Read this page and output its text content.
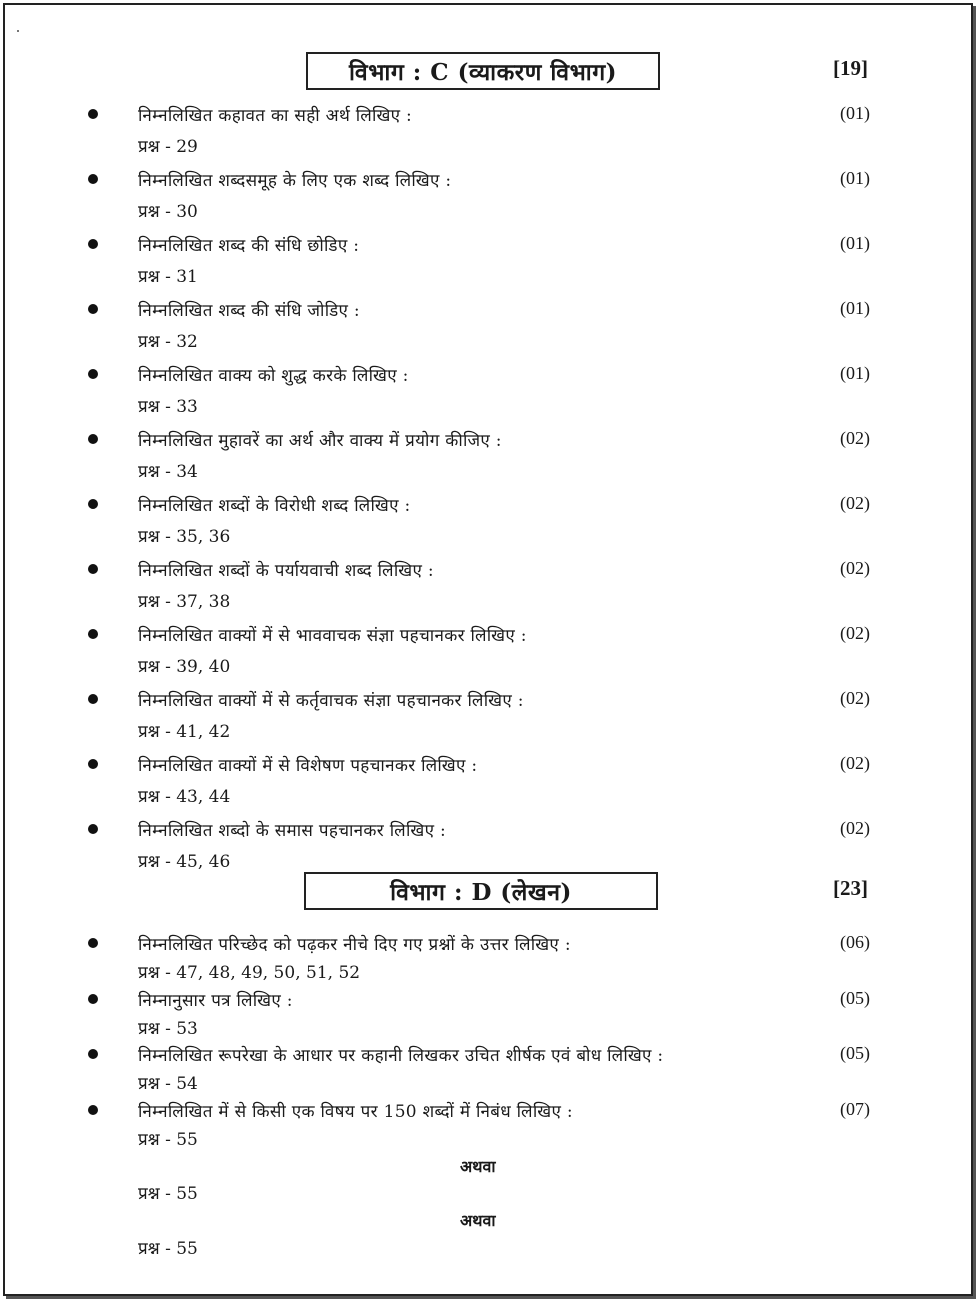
विभाग : C (व्याकरण विभाग)	[19]
निम्नलिखित कहावत का सही अर्थ लिखिए :	(01)
प्रश्न - 29
निम्नलिखित शब्दसमूह के लिए एक शब्द लिखिए :	(01)
प्रश्न - 30
निम्नलिखित शब्द की संधि छोडिए :	(01)
प्रश्न - 31
निम्नलिखित शब्द की संधि जोडिए :	(01)
प्रश्न - 32
निम्नलिखित वाक्य को शुद्ध करके लिखिए :	(01)
प्रश्न - 33
निम्नलिखित मुहावरें का अर्थ और वाक्य में प्रयोग कीजिए :	(02)
प्रश्न - 34
निम्नलिखित शब्दों के विरोधी शब्द लिखिए :	(02)
प्रश्न - 35, 36
निम्नलिखित शब्दों के पर्यायवाची शब्द लिखिए :	(02)
प्रश्न - 37, 38
निम्नलिखित वाक्यों में से भाववाचक संज्ञा पहचानकर लिखिए :	(02)
प्रश्न - 39, 40
निम्नलिखित वाक्यों में से कर्तृवाचक संज्ञा पहचानकर लिखिए :	(02)
प्रश्न - 41, 42
निम्नलिखित वाक्यों में से विशेषण पहचानकर लिखिए :	(02)
प्रश्न - 43, 44
निम्नलिखित शब्दो के समास पहचानकर लिखिए :	(02)
प्रश्न - 45, 46
विभाग : D (लेखन)	[23]
निम्नलिखित परिच्छेद को पढ़कर नीचे दिए गए प्रश्नों के उत्तर लिखिए :	(06)
प्रश्न - 47, 48, 49, 50, 51, 52
निम्नानुसार पत्र लिखिए :	(05)
प्रश्न - 53
निम्नलिखित रूपरेखा के आधार पर कहानी लिखकर उचित शीर्षक एवं बोध लिखिए :	(05)
प्रश्न - 54
निम्नलिखित में से किसी एक विषय पर 150 शब्दों में निबंध लिखिए :	(07)
प्रश्न - 55
अथवा
प्रश्न - 55
अथवा
प्रश्न - 55
